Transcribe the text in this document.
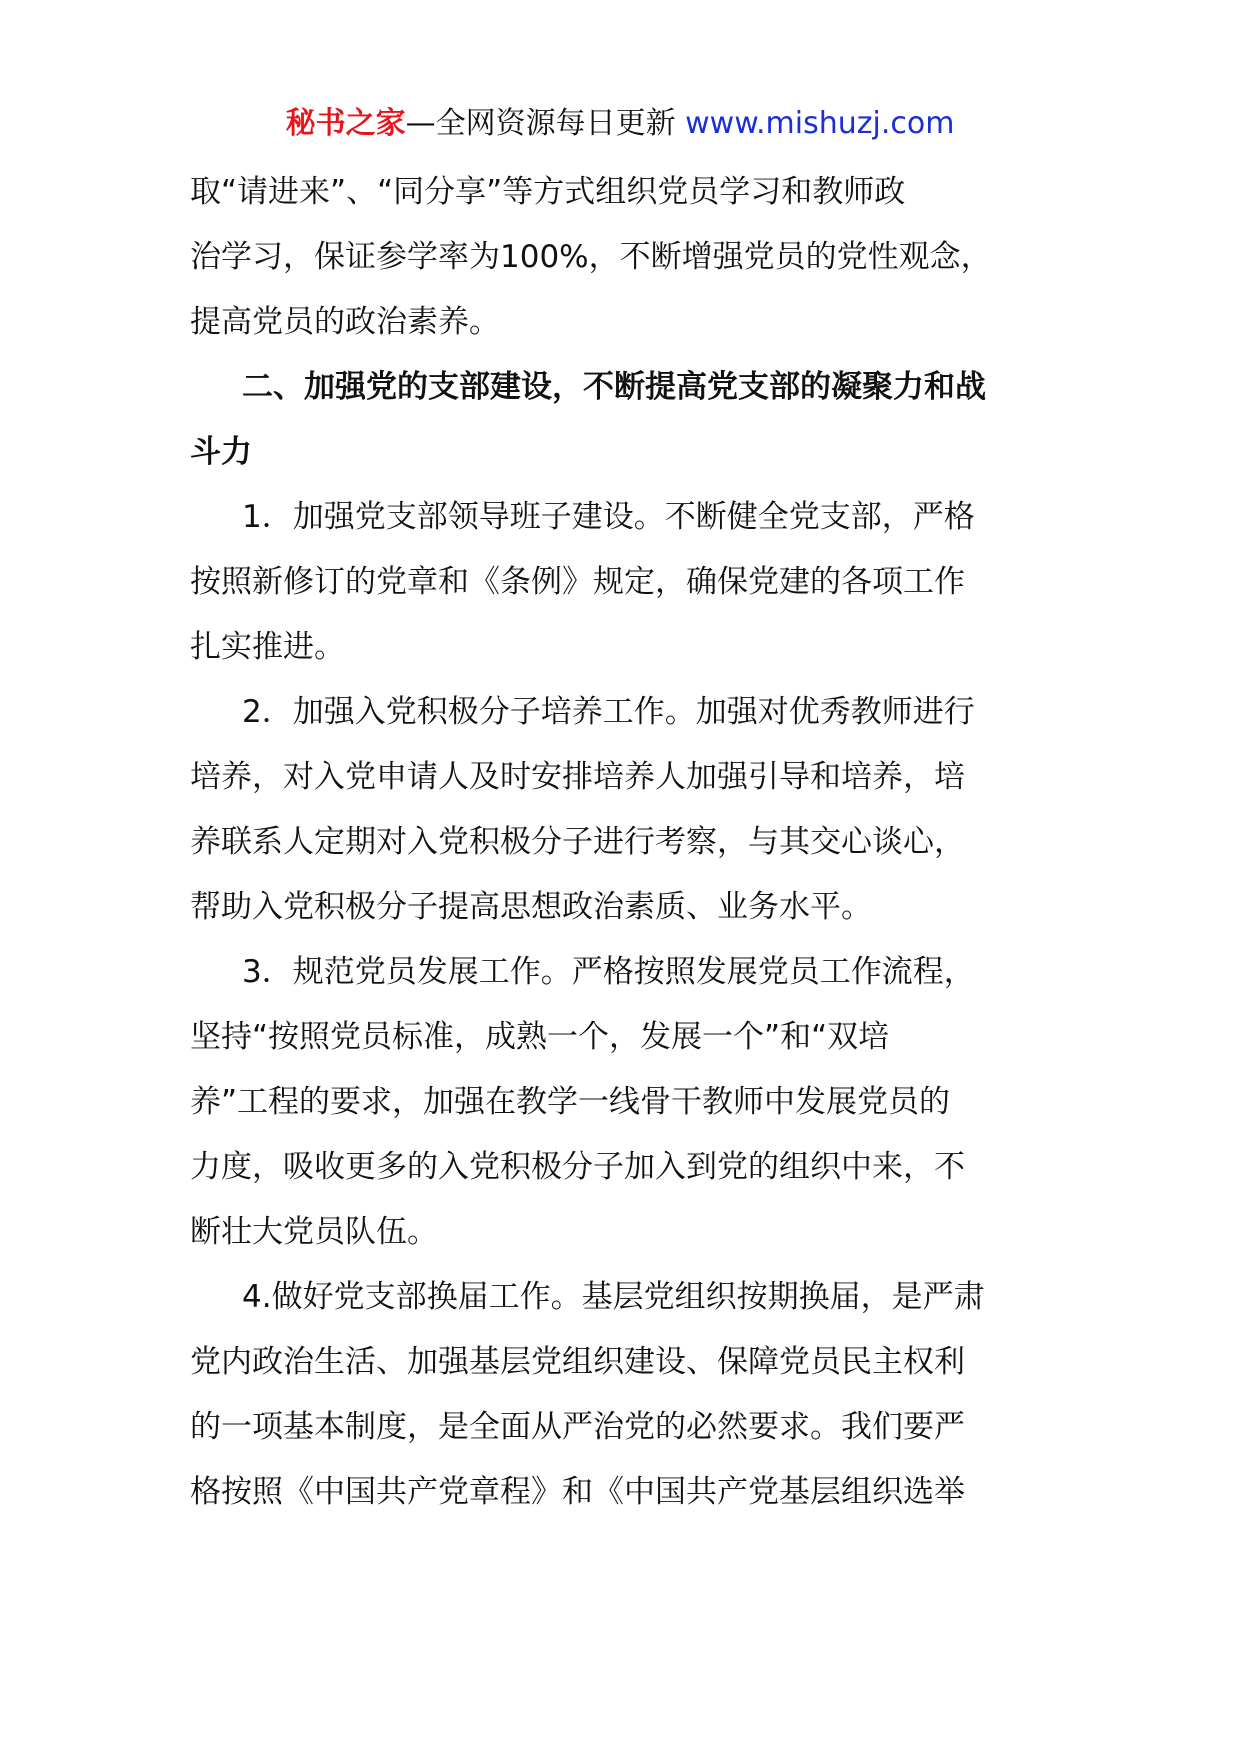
秘书之家—全网资源每日更新 www.mishuzj.com
取“请进来”、“同分享”等方式组织党员学习和教师政
治学习，保证参学率为100%，不断增强党员的党性观念，
提高党员的政治素养。
二、加强党的支部建设，不断提高党支部的凝聚力和战
斗力
1．加强党支部领导班子建设。不断健全党支部，严格
按照新修订的党章和《条例》规定，确保党建的各项工作
扎实推进。
2．加强入党积极分子培养工作。加强对优秀教师进行
培养，对入党申请人及时安排培养人加强引导和培养，培
养联系人定期对入党积极分子进行考察，与其交心谈心，
帮助入党积极分子提高思想政治素质、业务水平。
3．规范党员发展工作。严格按照发展党员工作流程，
坚持“按照党员标准，成熟一个，发展一个”和“双培
养”工程的要求，加强在教学一线骨干教师中发展党员的
力度，吸收更多的入党积极分子加入到党的组织中来，不
断壮大党员队伍。
4.做好党支部换届工作。基层党组织按期换届，是严肃
党内政治生活、加强基层党组织建设、保障党员民主权利
的一项基本制度，是全面从严治党的必然要求。我们要严
格按照《中国共产党章程》和《中国共产党基层组织选举
